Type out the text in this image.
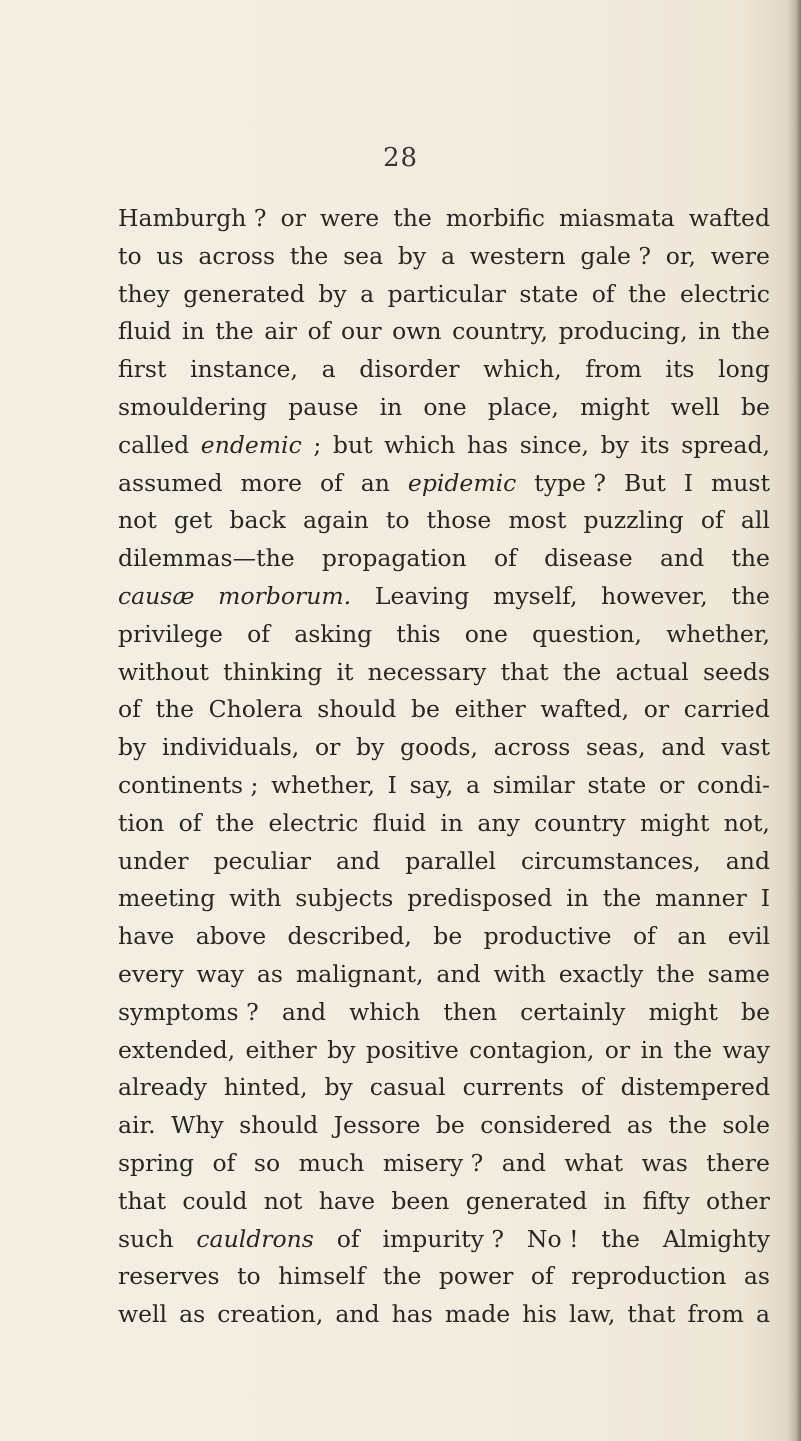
28
Hamburgh ? or were the morbific miasmata wafted
to us across the sea by a western gale ? or, were
they generated by a particular state of the electric
fluid in the air of our own country, producing, in the
first instance, a disorder which, from its long
smouldering pause in one place, might well be
called endemic ; but which has since, by its spread,
assumed more of an epidemic type ? But I must
not get back again to those most puzzling of all
dilemmas—the propagation of disease and the
causæ morborum. Leaving myself, however, the
privilege of asking this one question, whether,
without thinking it necessary that the actual seeds
of the Cholera should be either wafted, or carried
by individuals, or by goods, across seas, and vast
continents ; whether, I say, a similar state or condi-
tion of the electric fluid in any country might not,
under peculiar and parallel circumstances, and
meeting with subjects predisposed in the manner I
have above described, be productive of an evil
every way as malignant, and with exactly the same
symptoms ? and which then certainly might be
extended, either by positive contagion, or in the way
already hinted, by casual currents of distempered
air. Why should Jessore be considered as the sole
spring of so much misery ? and what was there
that could not have been generated in fifty other
such cauldrons of impurity ? No ! the Almighty
reserves to himself the power of reproduction as
well as creation, and has made his law, that from a
